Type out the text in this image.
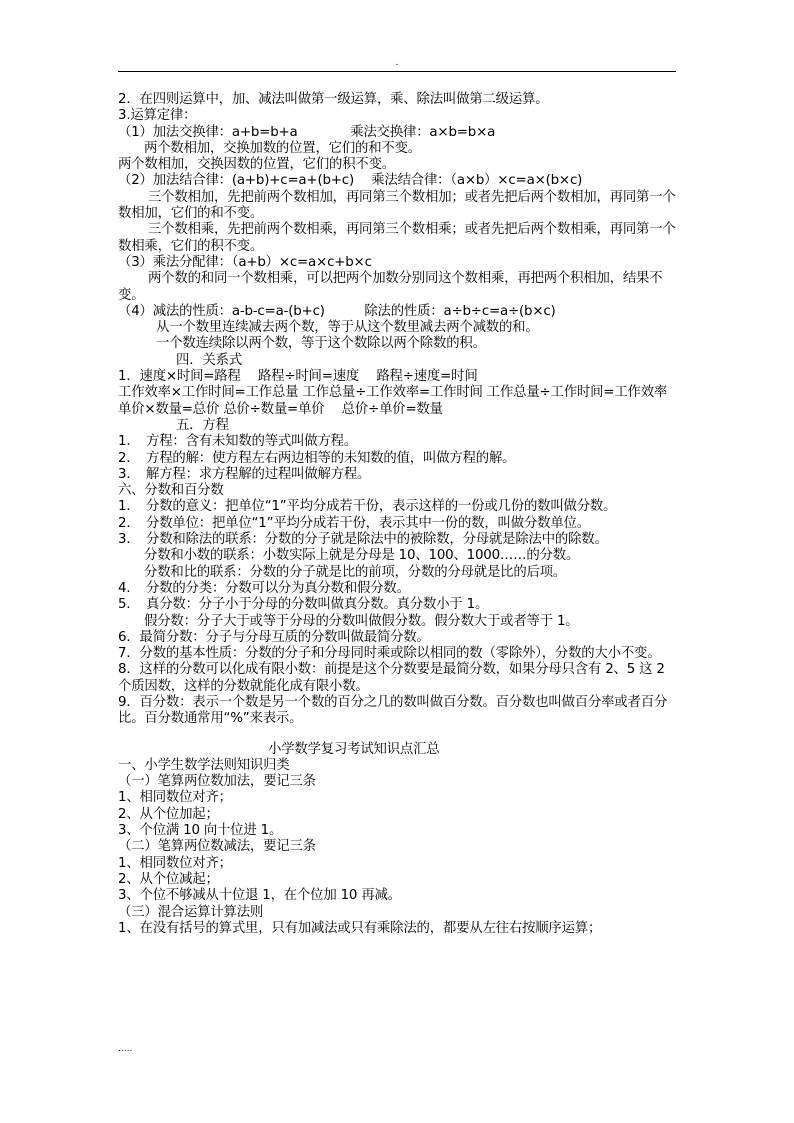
.
2．在四则运算中，加、减法叫做第一级运算，乘、除法叫做第二级运算。
3.运算定律：
（1）加法交换律：a+b=b+a　　　　乘法交换律：a×b=b×a
两个数相加，交换加数的位置，它们的和不变。
两个数相加，交换因数的位置，它们的积不变。
（2）加法结合律：(a+b)+c=a+(b+c)　 乘法结合律：（a×b）×c=a×(b×c)
三个数相加，先把前两个数相加，再同第三个数相加；或者先把后两个数相加，再同第一个数相加，它们的和不变。
三个数相乘，先把前两个数相乘，再同第三个数相乘；或者先把后两个数相乘，再同第一个数相乘，它们的积不变。
（3）乘法分配律：（a+b）×c=a×c+b×c
两个数的和同一个数相乘，可以把两个加数分别同这个数相乘，再把两个积相加，结果不变。
（4）减法的性质：a-b-c=a-(b+c)　　　除法的性质：a÷b÷c=a÷(b×c)
从一个数里连续减去两个数，等于从这个数里减去两个减数的和。
一个数连续除以两个数，等于这个数除以两个除数的积。
四．关系式
1．速度×时间=路程　 路程÷时间=速度　 路程÷速度=时间
工作效率×工作时间=工作总量 工作总量÷工作效率=工作时间 工作总量÷工作时间=工作效率
单价×数量=总价 总价÷数量=单价　 总价÷单价=数量
五．方程
1．　方程：含有未知数的等式叫做方程。
2．　方程的解：使方程左右两边相等的未知数的值，叫做方程的解。
3．　解方程：求方程解的过程叫做解方程。
六、分数和百分数
1．　分数的意义：把单位“1”平均分成若干份，表示这样的一份或几份的数叫做分数。
2．　分数单位：把单位“1”平均分成若干份，表示其中一份的数，叫做分数单位。
3．　分数和除法的联系：分数的分子就是除法中的被除数，分母就是除法中的除数。
分数和小数的联系：小数实际上就是分母是 10、100、1000……的分数。
分数和比的联系：分数的分子就是比的前项，分数的分母就是比的后项。
4．　分数的分类：分数可以分为真分数和假分数。
5．　真分数：分子小于分母的分数叫做真分数。真分数小于 1。
假分数：分子大于或等于分母的分数叫做假分数。假分数大于或者等于 1。
6．最简分数：分子与分母互质的分数叫做最简分数。
7．分数的基本性质：分数的分子和分母同时乘或除以相同的数（零除外），分数的大小不变。
8．这样的分数可以化成有限小数：前提是这个分数要是最简分数，如果分母只含有 2、5 这 2 个质因数，这样的分数就能化成有限小数。
9．百分数：表示一个数是另一个数的百分之几的数叫做百分数。百分数也叫做百分率或者百分比。百分数通常用“%”来表示。
小学数学复习考试知识点汇总
一、小学生数学法则知识归类
（一）笔算两位数加法，要记三条
1、相同数位对齐；
2、从个位加起；
3、个位满 10 向十位进 1。
（二）笔算两位数减法，要记三条
1、相同数位对齐；
2、从个位减起；
3、个位不够减从十位退 1，在个位加 10 再减。
（三）混合运算计算法则
1、在没有括号的算式里，只有加减法或只有乘除法的，都要从左往右按顺序运算；
.....
